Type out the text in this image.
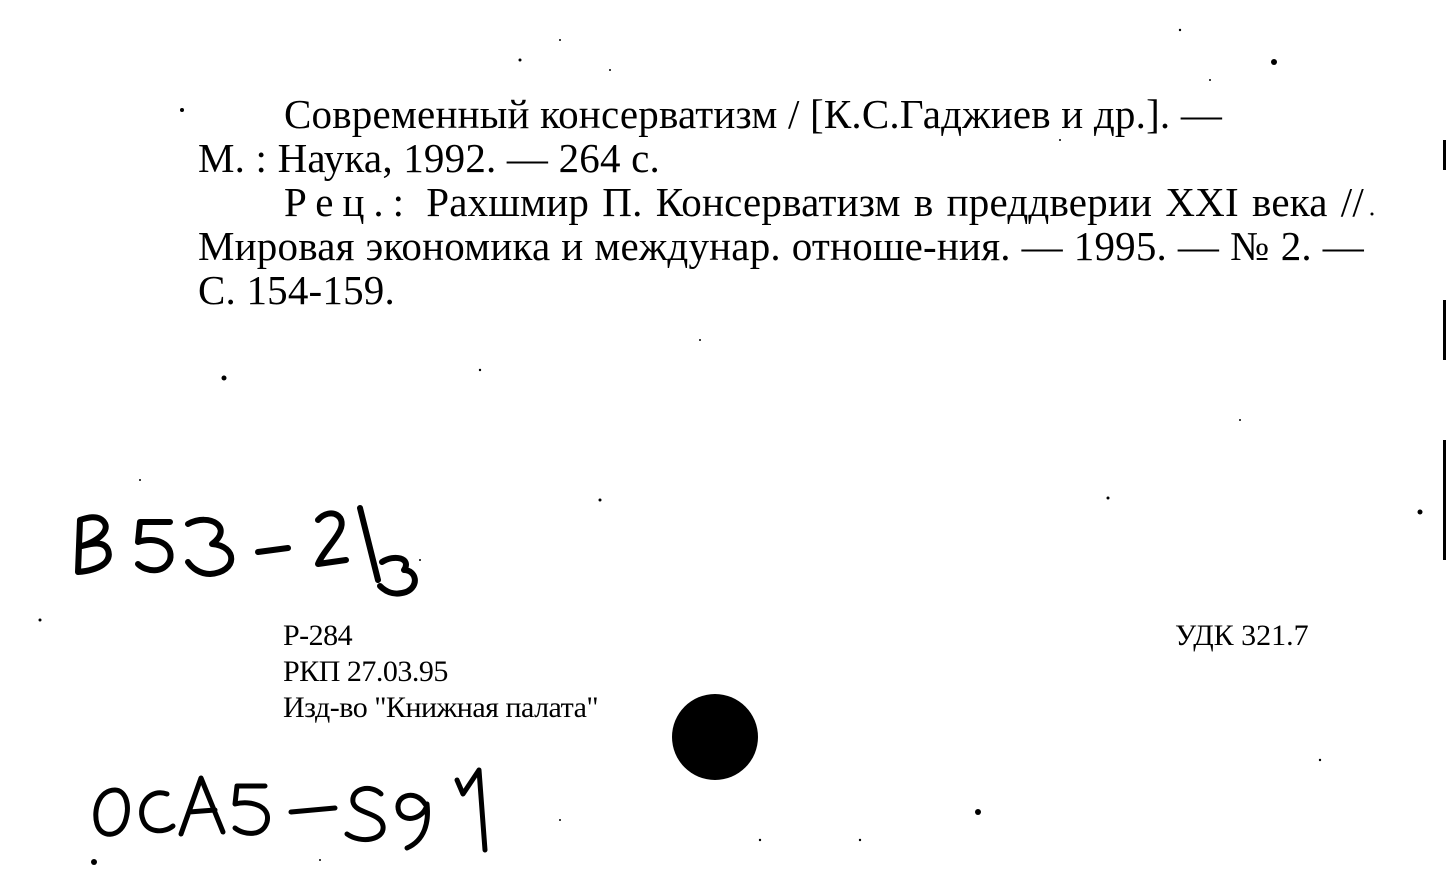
Современный консерватизм / [К.С.Гаджиев и др.]. —

М. : Наука, 1992. — 264 с.

Рец.: Рахшмир П. Консерватизм в преддверии XXI века // Мировая экономика и междунар. отноше-ния. — 1995. — № 2. — С. 154-159.

Р-284
РКП 27.03.95
Изд-во "Книжная палата"
УДК 321.7
